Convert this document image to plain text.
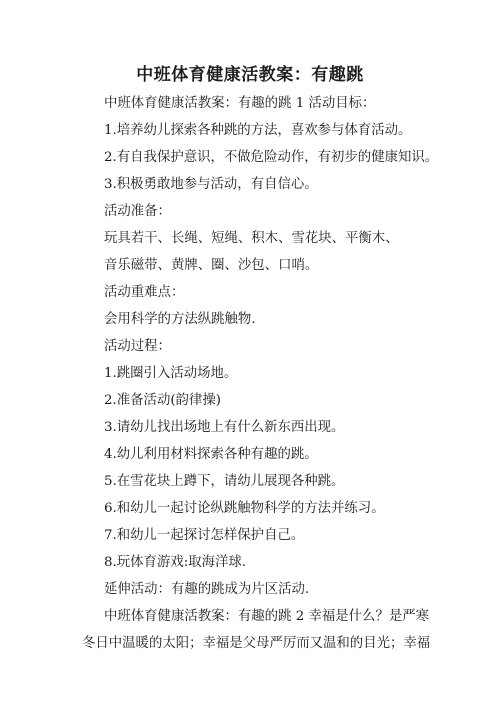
中班体育健康活教案：有趣跳
中班体育健康活教案：有趣的跳 1 活动目标：
1.培养幼儿探索各种跳的方法，喜欢参与体育活动。
2.有自我保护意识，不做危险动作，有初步的健康知识。
3.积极勇敢地参与活动，有自信心。
活动准备：
玩具若干、长绳、短绳、积木、雪花块、平衡木、
音乐磁带、黄牌、圈、沙包、口哨。
活动重难点：
会用科学的方法纵跳触物.
活动过程：
1.跳圈引入活动场地。
2.准备活动(韵律操)
3.请幼儿找出场地上有什么新东西出现。
4.幼儿利用材料探索各种有趣的跳。
5.在雪花块上蹲下，请幼儿展现各种跳。
6.和幼儿一起讨论纵跳触物科学的方法并练习。
7.和幼儿一起探讨怎样保护自己。
8.玩体育游戏:取海洋球.
延伸活动：有趣的跳成为片区活动.
中班体育健康活教案：有趣的跳 2 幸福是什么？是严寒
冬日中温暖的太阳；幸福是父母严厉而又温和的目光；幸福
